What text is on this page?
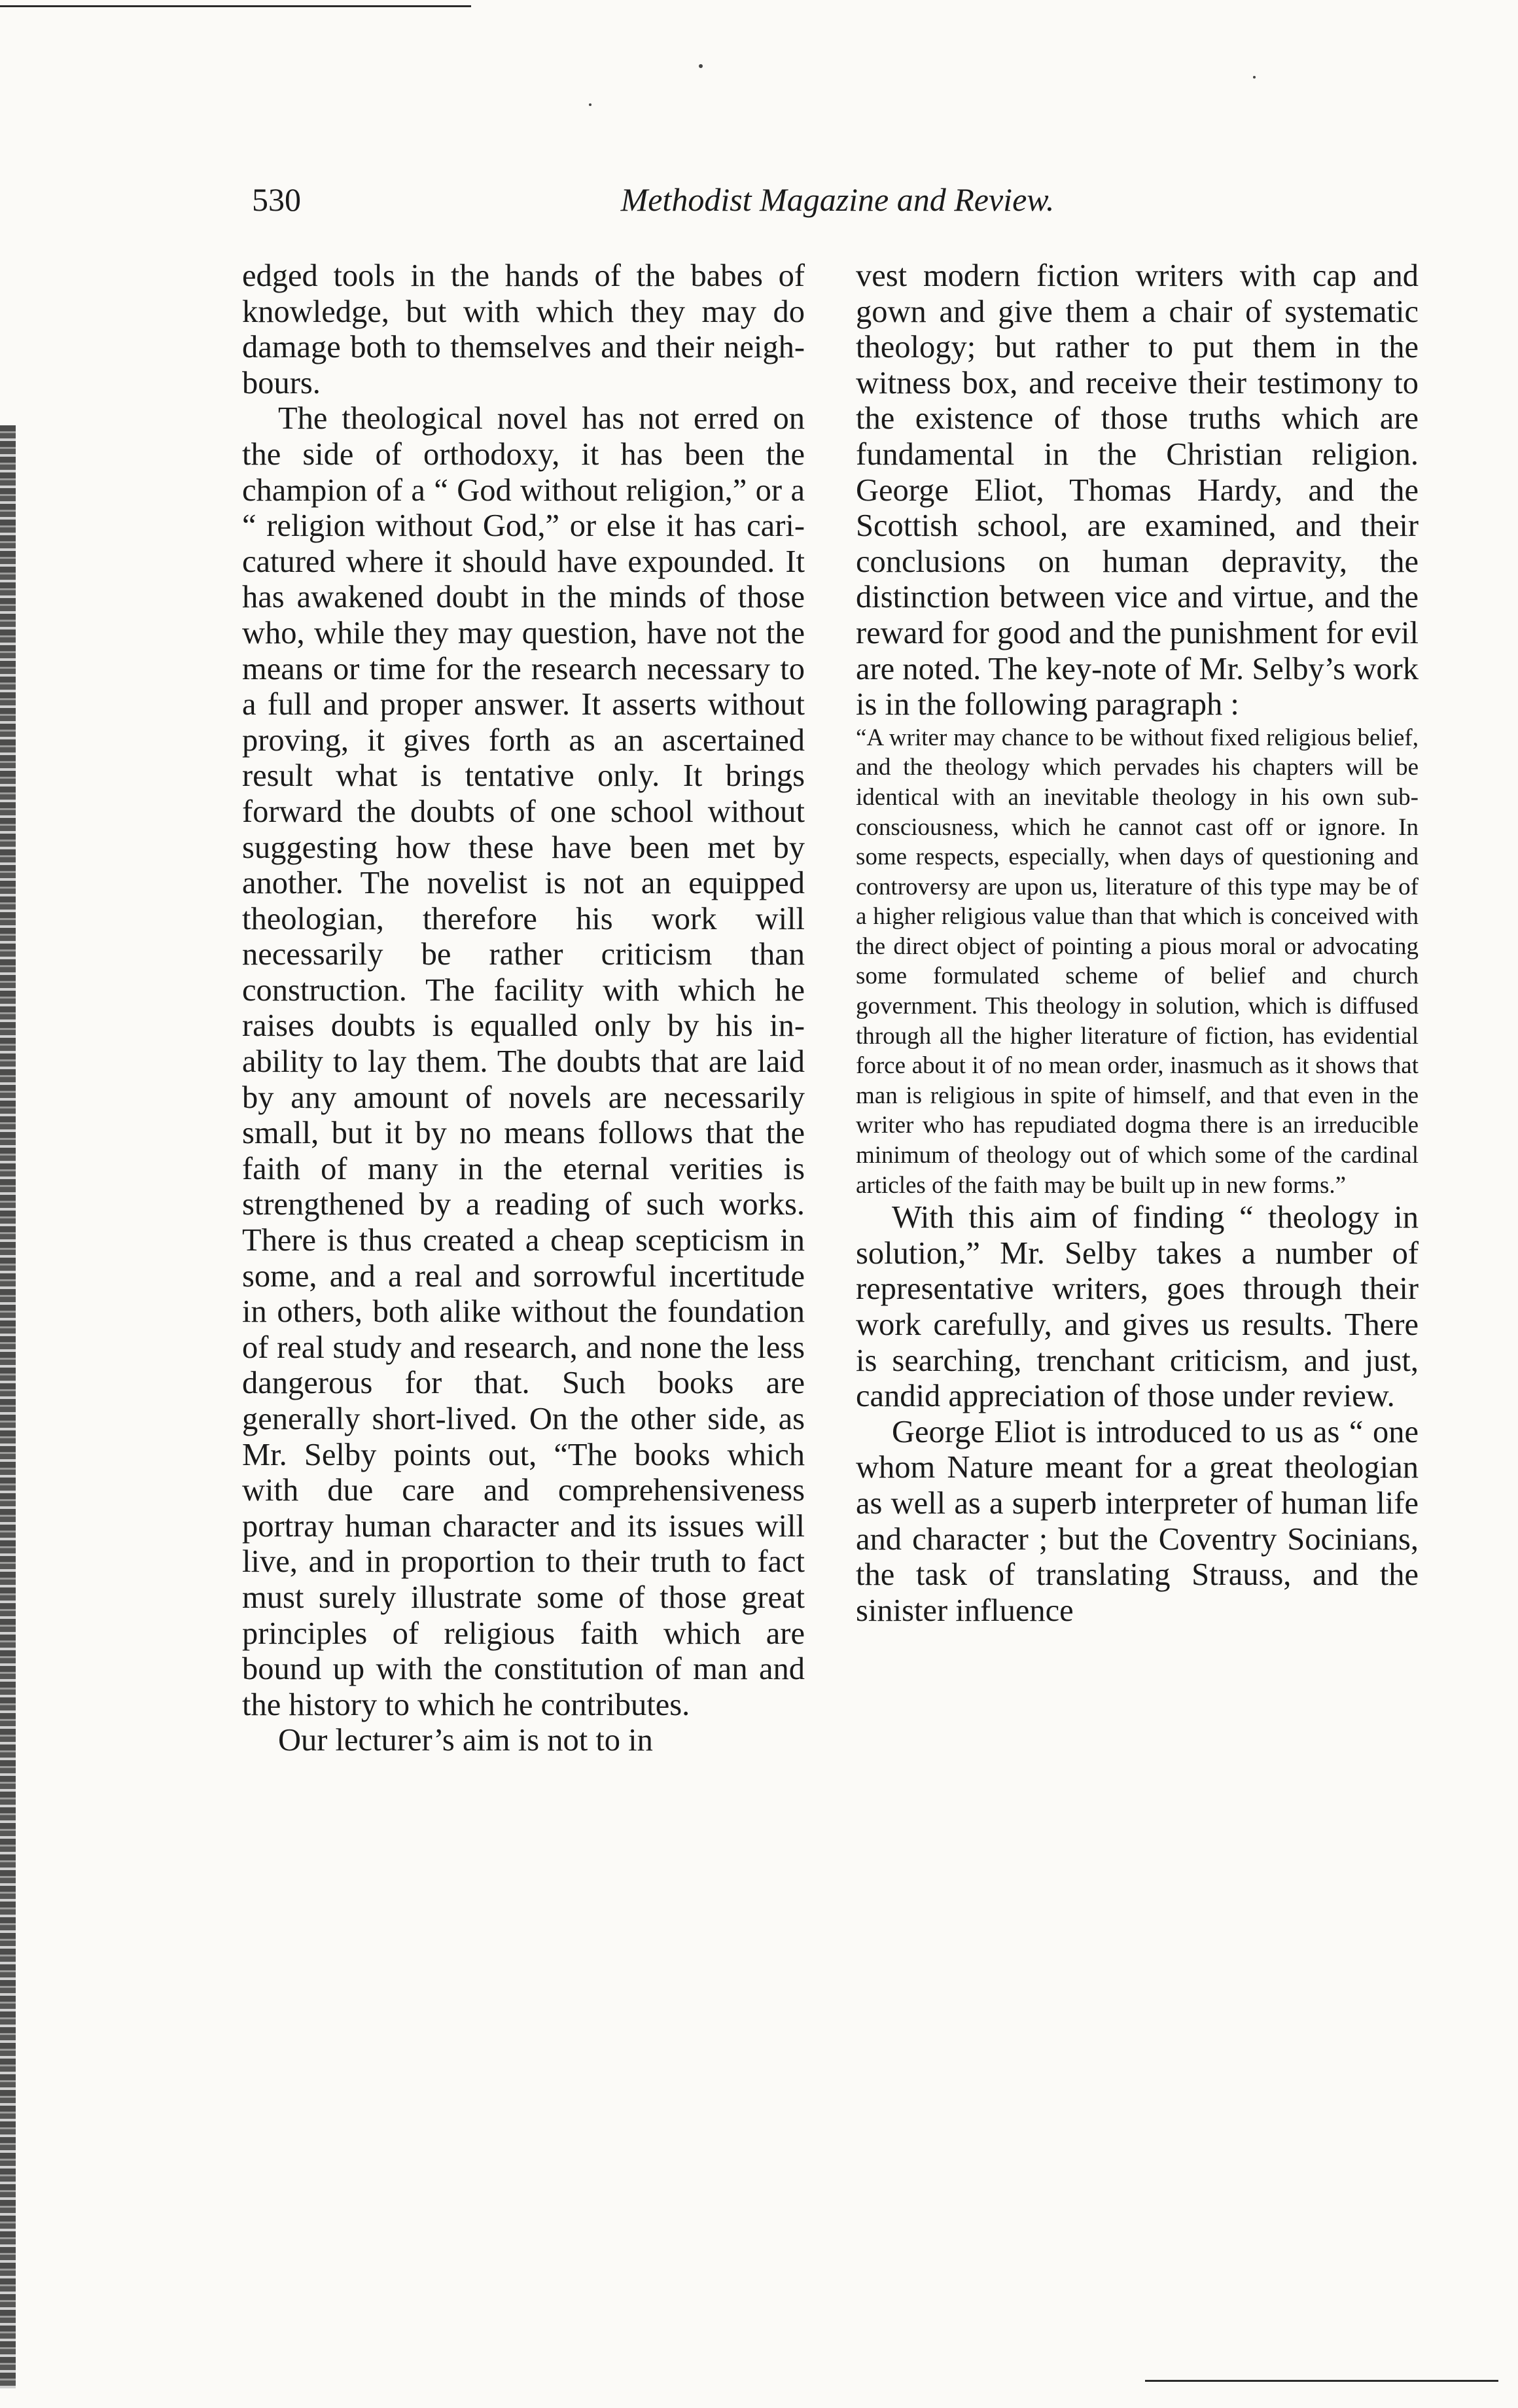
530	Methodist Magazine and Review.

edged tools in the hands of the babes of knowledge, but with which they may do damage both to themselves and their neighbours.

The theological novel has not erred on the side of orthodoxy, it has been the champion of a “ God without religion,” or a “ religion without God,” or else it has caricatured where it should have expounded. It has awakened doubt in the minds of those who, while they may question, have not the means or time for the research necessary to a full and proper answer. It asserts without proving, it gives forth as an ascertained result what is tentative only. It brings forward the doubts of one school without suggesting how these have been met by another. The novelist is not an equipped theologian, therefore his work will necessarily be rather criticism than construction. The facility with which he raises doubts is equalled only by his inability to lay them. The doubts that are laid by any amount of novels are necessarily small, but it by no means follows that the faith of many in the eternal verities is strengthened by a reading of such works. There is thus created a cheap scepticism in some, and a real and sorrowful incertitude in others, both alike without the foundation of real study and research, and none the less dangerous for that. Such books are generally short-lived. On the other side, as Mr. Selby points out, “The books which with due care and comprehensiveness portray human character and its issues will live, and in proportion to their truth to fact must surely illustrate some of those great principles of religious faith which are bound up with the constitution of man and the history to which he contributes.

Our lecturer’s aim is not to in

vest modern fiction writers with cap and gown and give them a chair of systematic theology; but rather to put them in the witness box, and receive their testimony to the existence of those truths which are fundamental in the Christian religion. George Eliot, Thomas Hardy, and the Scottish school, are examined, and their conclusions on human depravity, the distinction between vice and virtue, and the reward for good and the punishment for evil are noted. The key-note of Mr. Selby’s work is in the following paragraph :

“A writer may chance to be without fixed religious belief, and the theology which pervades his chapters will be identical with an inevitable theology in his own sub-consciousness, which he cannot cast off or ignore. In some respects, especially, when days of questioning and controversy are upon us, literature of this type may be of a higher religious value than that which is conceived with the direct object of pointing a pious moral or advocating some formulated scheme of belief and church government. This theology in solution, which is diffused through all the higher literature of fiction, has evidential force about it of no mean order, inasmuch as it shows that man is religious in spite of himself, and that even in the writer who has repudiated dogma there is an irreducible minimum of theology out of which some of the cardinal articles of the faith may be built up in new forms.”

With this aim of finding “ theology in solution,” Mr. Selby takes a number of representative writers, goes through their work carefully, and gives us results. There is searching, trenchant criticism, and just, candid appreciation of those under review.

George Eliot is introduced to us as “ one whom Nature meant for a great theologian as well as a superb interpreter of human life and character ; but the Coventry Socinians, the task of translating Strauss, and the sinister influence
